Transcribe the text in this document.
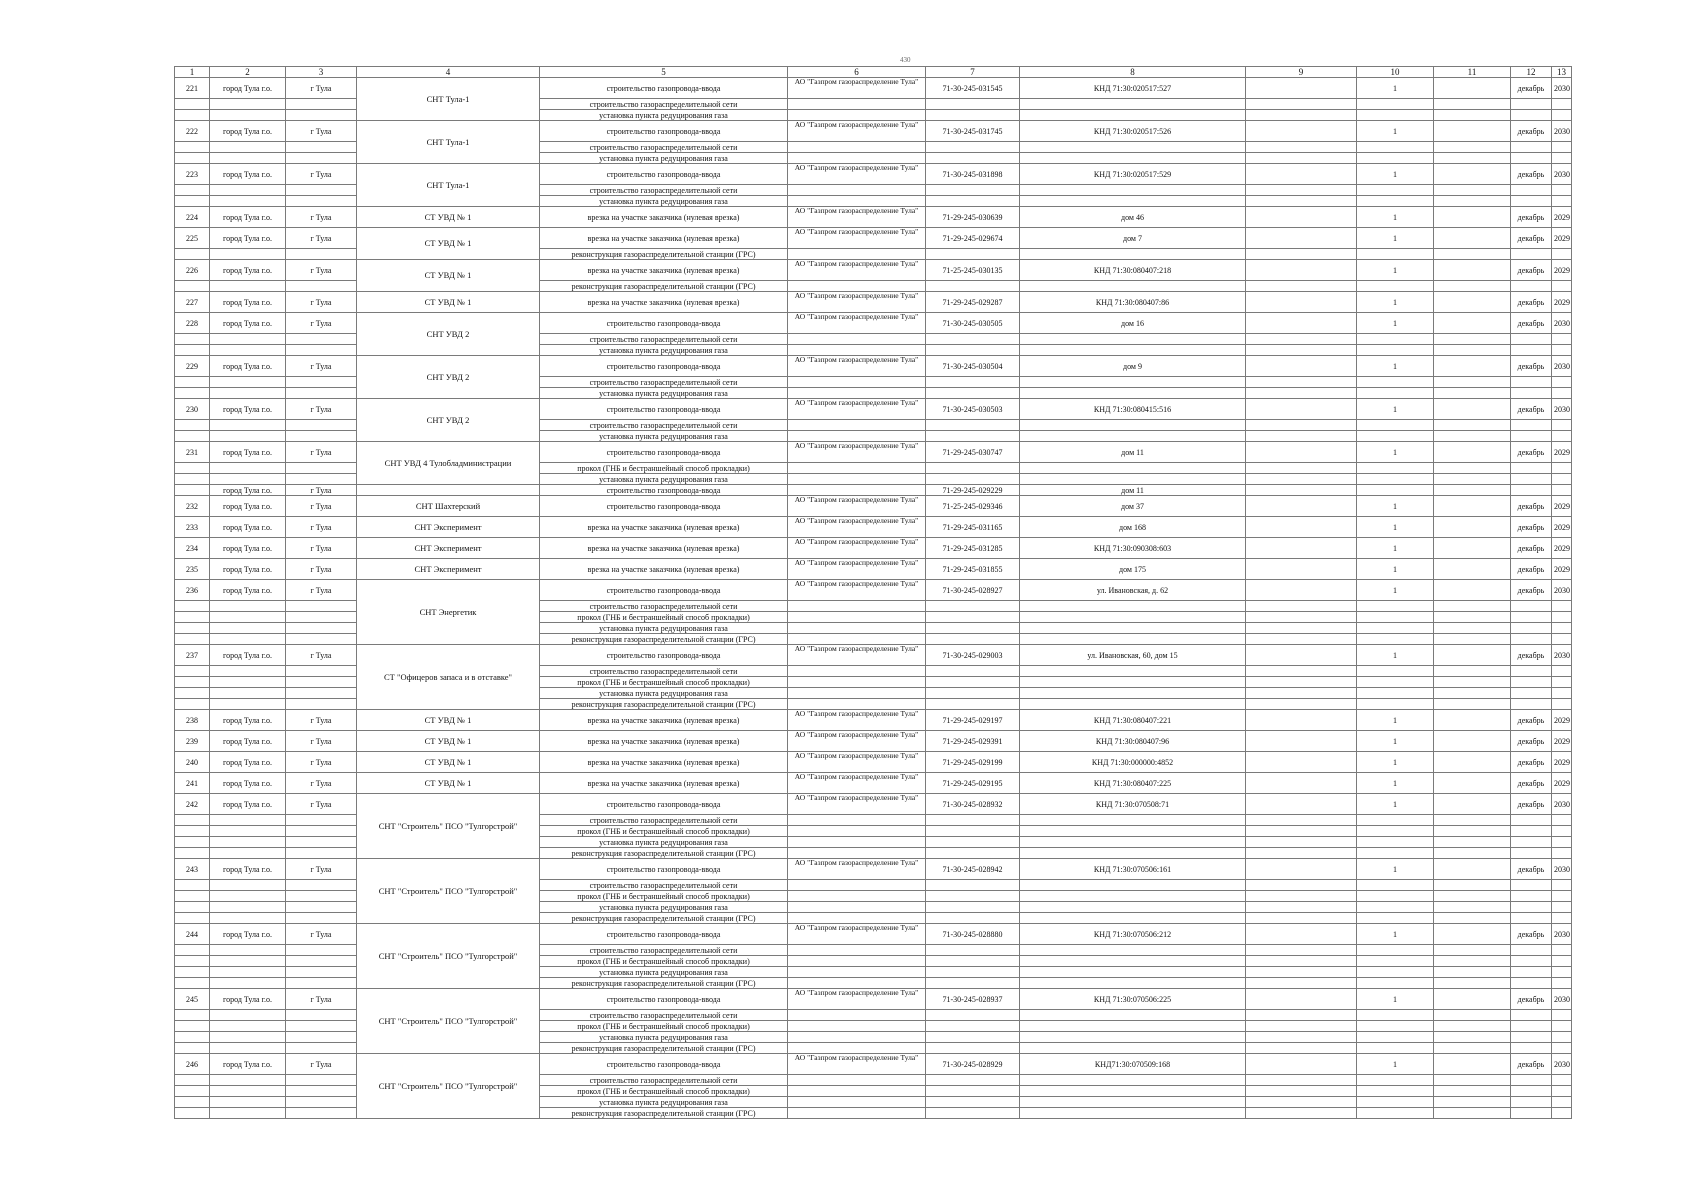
430
1	2	3	4	5	6	7	8	9	10	11	12	13
221	город Тула г.о.	г Тула	СНТ Тула-1	строительство газопровода-ввода	АО "Газпром газораспределение Тула"	71-30-245-031545	КНД 71:30:020517:527		1		декабрь	2030
				строительство газораспределительной сети								
				установка пункта редуцирования газа								
222	город Тула г.о.	г Тула	СНТ Тула-1	строительство газопровода-ввода	АО "Газпром газораспределение Тула"	71-30-245-031745	КНД 71:30:020517:526		1		декабрь	2030
				строительство газораспределительной сети								
				установка пункта редуцирования газа								
223	город Тула г.о.	г Тула	СНТ Тула-1	строительство газопровода-ввода	АО "Газпром газораспределение Тула"	71-30-245-031898	КНД 71:30:020517:529		1		декабрь	2030
				строительство газораспределительной сети								
				установка пункта редуцирования газа								
224	город Тула г.о.	г Тула	СТ УВД № 1	врезка на участке заказчика (нулевая врезка)	АО "Газпром газораспределение Тула"	71-29-245-030639	дом 46		1		декабрь	2029
225	город Тула г.о.	г Тула	СТ УВД № 1	врезка на участке заказчика (нулевая врезка)	АО "Газпром газораспределение Тула"	71-29-245-029674	дом 7		1		декабрь	2029
				реконструкция газораспределительной станции (ГРС)								
226	город Тула г.о.	г Тула	СТ УВД № 1	врезка на участке заказчика (нулевая врезка)	АО "Газпром газораспределение Тула"	71-25-245-030135	КНД 71:30:080407:218		1		декабрь	2029
				реконструкция газораспределительной станции (ГРС)								
227	город Тула г.о.	г Тула	СТ УВД № 1	врезка на участке заказчика (нулевая врезка)	АО "Газпром газораспределение Тула"	71-29-245-029287	КНД 71:30:080407:86		1		декабрь	2029
228	город Тула г.о.	г Тула	СНТ УВД 2	строительство газопровода-ввода	АО "Газпром газораспределение Тула"	71-30-245-030505	дом 16		1		декабрь	2030
				строительство газораспределительной сети								
				установка пункта редуцирования газа								
229	город Тула г.о.	г Тула	СНТ УВД 2	строительство газопровода-ввода	АО "Газпром газораспределение Тула"	71-30-245-030504	дом 9		1		декабрь	2030
				строительство газораспределительной сети								
				установка пункта редуцирования газа								
230	город Тула г.о.	г Тула	СНТ УВД 2	строительство газопровода-ввода	АО "Газпром газораспределение Тула"	71-30-245-030503	КНД 71:30:080415:516		1		декабрь	2030
				строительство газораспределительной сети								
				установка пункта редуцирования газа								
231	город Тула г.о.	г Тула	СНТ УВД 4 Тулобладминистрации	строительство газопровода-ввода	АО "Газпром газораспределение Тула"	71-29-245-030747	дом 11		1		декабрь	2029
				прокол (ГНБ и бестраншейный способ прокладки)								
				установка пункта редуцирования газа								
	город Тула г.о.	г Тула		строительство газопровода-ввода		71-29-245-029229	дом 11					
232	город Тула г.о.	г Тула	СНТ Шахтерский	строительство газопровода-ввода	АО "Газпром газораспределение Тула"	71-25-245-029346	дом 37		1		декабрь	2029
233	город Тула г.о.	г Тула	СНТ Эксперимент	врезка на участке заказчика (нулевая врезка)	АО "Газпром газораспределение Тула"	71-29-245-031165	дом 168		1		декабрь	2029
234	город Тула г.о.	г Тула	СНТ Эксперимент	врезка на участке заказчика (нулевая врезка)	АО "Газпром газораспределение Тула"	71-29-245-031285	КНД 71:30:090308:603		1		декабрь	2029
235	город Тула г.о.	г Тула	СНТ Эксперимент	врезка на участке заказчика (нулевая врезка)	АО "Газпром газораспределение Тула"	71-29-245-031855	дом 175		1		декабрь	2029
236	город Тула г.о.	г Тула	СНТ Энергетик	строительство газопровода-ввода	АО "Газпром газораспределение Тула"	71-30-245-028927	ул. Ивановская, д. 62		1		декабрь	2030
				строительство газораспределительной сети								
				прокол (ГНБ и бестраншейный способ прокладки)								
				установка пункта редуцирования газа								
				реконструкция газораспределительной станции (ГРС)								
237	город Тула г.о.	г Тула	СТ "Офицеров запаса и в отставке"	строительство газопровода-ввода	АО "Газпром газораспределение Тула"	71-30-245-029003	ул. Ивановская, 60, дом 15		1		декабрь	2030
				строительство газораспределительной сети								
				прокол (ГНБ и бестраншейный способ прокладки)								
				установка пункта редуцирования газа								
				реконструкция газораспределительной станции (ГРС)								
238	город Тула г.о.	г Тула	СТ УВД № 1	врезка на участке заказчика (нулевая врезка)	АО "Газпром газораспределение Тула"	71-29-245-029197	КНД 71:30:080407:221		1		декабрь	2029
239	город Тула г.о.	г Тула	СТ УВД № 1	врезка на участке заказчика (нулевая врезка)	АО "Газпром газораспределение Тула"	71-29-245-029391	КНД 71:30:080407:96		1		декабрь	2029
240	город Тула г.о.	г Тула	СТ УВД № 1	врезка на участке заказчика (нулевая врезка)	АО "Газпром газораспределение Тула"	71-29-245-029199	КНД 71:30:000000:4852		1		декабрь	2029
241	город Тула г.о.	г Тула	СТ УВД № 1	врезка на участке заказчика (нулевая врезка)	АО "Газпром газораспределение Тула"	71-29-245-029195	КНД 71:30:080407:225		1		декабрь	2029
242	город Тула г.о.	г Тула	СНТ "Строитель" ПСО "Тулгорстрой"	строительство газопровода-ввода	АО "Газпром газораспределение Тула"	71-30-245-028932	КНД 71:30:070508:71		1		декабрь	2030
				строительство газораспределительной сети								
				прокол (ГНБ и бестраншейный способ прокладки)								
				установка пункта редуцирования газа								
				реконструкция газораспределительной станции (ГРС)								
243	город Тула г.о.	г Тула	СНТ "Строитель" ПСО "Тулгорстрой"	строительство газопровода-ввода	АО "Газпром газораспределение Тула"	71-30-245-028942	КНД 71:30:070506:161		1		декабрь	2030
				строительство газораспределительной сети								
				прокол (ГНБ и бестраншейный способ прокладки)								
				установка пункта редуцирования газа								
				реконструкция газораспределительной станции (ГРС)								
244	город Тула г.о.	г Тула	СНТ "Строитель" ПСО "Тулгорстрой"	строительство газопровода-ввода	АО "Газпром газораспределение Тула"	71-30-245-028880	КНД 71:30:070506:212		1		декабрь	2030
				строительство газораспределительной сети								
				прокол (ГНБ и бестраншейный способ прокладки)								
				установка пункта редуцирования газа								
				реконструкция газораспределительной станции (ГРС)								
245	город Тула г.о.	г Тула	СНТ "Строитель" ПСО "Тулгорстрой"	строительство газопровода-ввода	АО "Газпром газораспределение Тула"	71-30-245-028937	КНД 71:30:070506:225		1		декабрь	2030
				строительство газораспределительной сети								
				прокол (ГНБ и бестраншейный способ прокладки)								
				установка пункта редуцирования газа								
				реконструкция газораспределительной станции (ГРС)								
246	город Тула г.о.	г Тула	СНТ "Строитель" ПСО "Тулгорстрой"	строительство газопровода-ввода	АО "Газпром газораспределение Тула"	71-30-245-028929	КНД71:30:070509:168		1		декабрь	2030
				строительство газораспределительной сети								
				прокол (ГНБ и бестраншейный способ прокладки)								
				установка пункта редуцирования газа								
				реконструкция газораспределительной станции (ГРС)								
